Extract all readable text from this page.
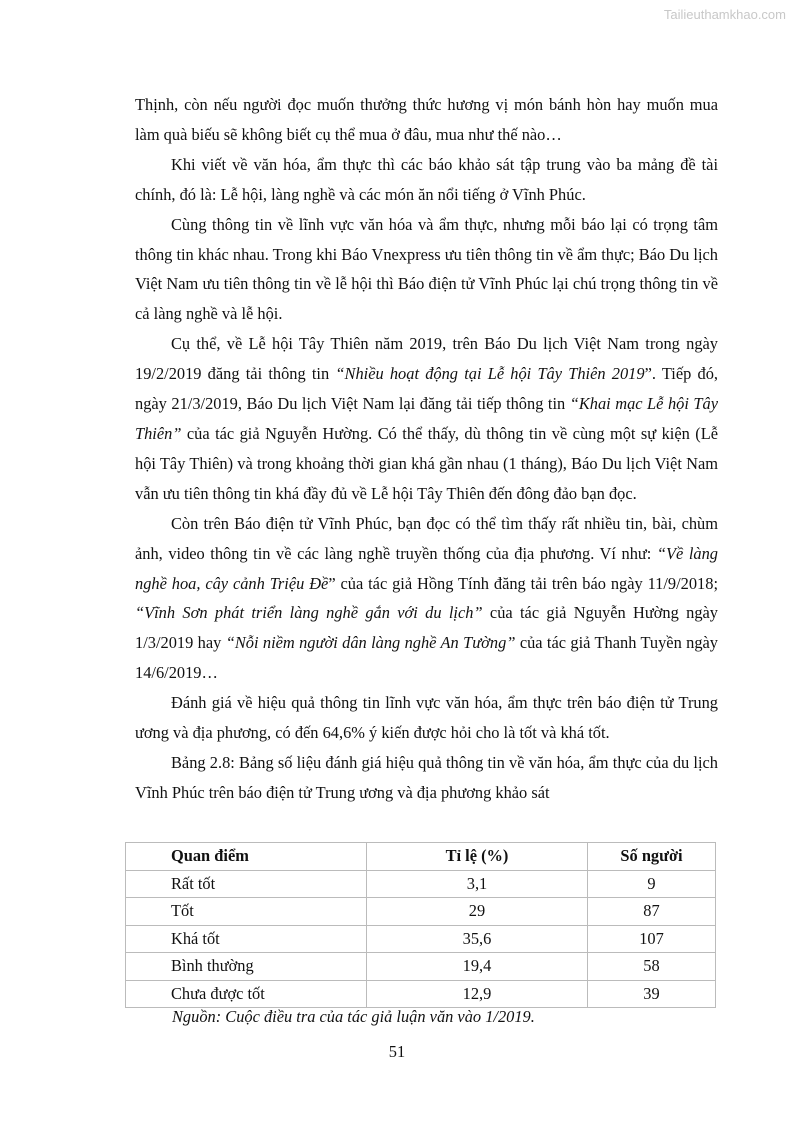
Tailieuthamkhao.com

Thịnh, còn nếu người đọc muốn thưởng thức hương vị món bánh hòn hay muốn mua làm quà biếu sẽ không biết cụ thể mua ở đâu, mua như thế nào…

Khi viết về văn hóa, ẩm thực thì các báo khảo sát tập trung vào ba mảng đề tài chính, đó là: Lễ hội, làng nghề và các món ăn nổi tiếng ở Vĩnh Phúc.

Cùng thông tin về lĩnh vực văn hóa và ẩm thực, nhưng mỗi báo lại có trọng tâm thông tin khác nhau. Trong khi Báo Vnexpress ưu tiên thông tin về ẩm thực; Báo Du lịch Việt Nam ưu tiên thông tin về lễ hội thì Báo điện tử Vĩnh Phúc lại chú trọng thông tin về cả làng nghề và lễ hội.

Cụ thể, về Lễ hội Tây Thiên năm 2019, trên Báo Du lịch Việt Nam trong ngày 19/2/2019 đăng tải thông tin “Nhiều hoạt động tại Lễ hội Tây Thiên 2019”. Tiếp đó, ngày 21/3/2019, Báo Du lịch Việt Nam lại đăng tải tiếp thông tin “Khai mạc Lễ hội Tây Thiên” của tác giả Nguyễn Hường. Có thể thấy, dù thông tin về cùng một sự kiện (Lễ hội Tây Thiên) và trong khoảng thời gian khá gần nhau (1 tháng), Báo Du lịch Việt Nam vẫn ưu tiên thông tin khá đầy đủ về Lễ hội Tây Thiên đến đông đảo bạn đọc.

Còn trên Báo điện tử Vĩnh Phúc, bạn đọc có thể tìm thấy rất nhiều tin, bài, chùm ảnh, video thông tin về các làng nghề truyền thống của địa phương. Ví như: “Về làng nghề hoa, cây cảnh Triệu Đề” của tác giả Hồng Tính đăng tải trên báo ngày 11/9/2018; “Vĩnh Sơn phát triển làng nghề gắn với du lịch” của tác giả Nguyễn Hường ngày 1/3/2019 hay “Nỗi niềm người dân làng nghề An Tường” của tác giả Thanh Tuyền ngày 14/6/2019…

Đánh giá về hiệu quả thông tin lĩnh vực văn hóa, ẩm thực trên báo điện tử Trung ương và địa phương, có đến 64,6% ý kiến được hỏi cho là tốt và khá tốt.

Bảng 2.8: Bảng số liệu đánh giá hiệu quả thông tin về văn hóa, ẩm thực của du lịch Vĩnh Phúc trên báo điện tử Trung ương và địa phương khảo sát

Quan điểm	Tỉ lệ (%)	Số người
Rất tốt	3,1	9
Tốt	29	87
Khá tốt	35,6	107
Bình thường	19,4	58
Chưa được tốt	12,9	39
Nguồn: Cuộc điều tra của tác giả luận văn vào 1/2019.
51
